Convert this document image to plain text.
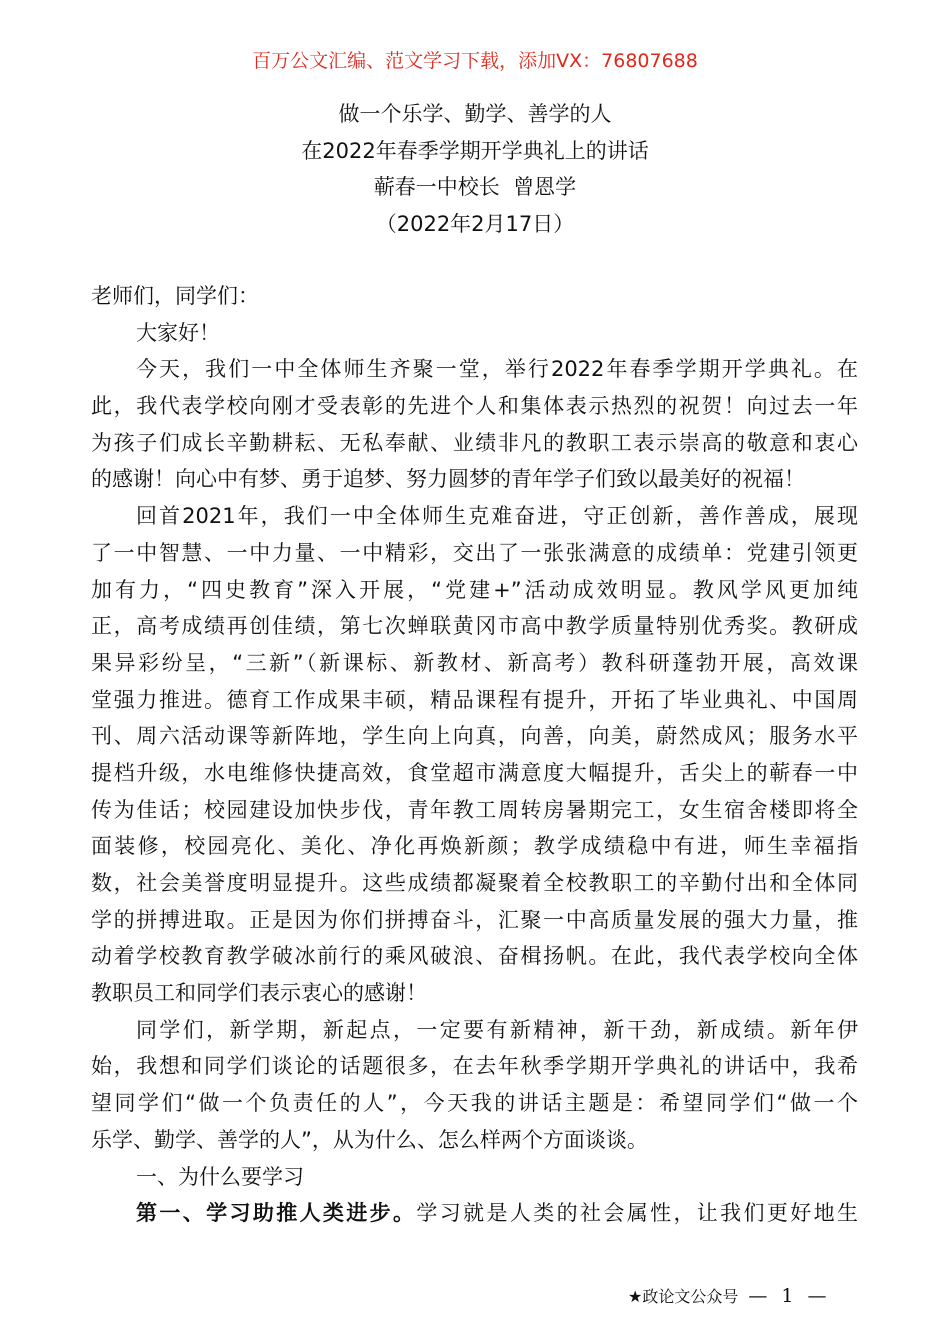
百万公文汇编、范文学习下载，添加VX：76807688
做一个乐学、勤学、善学的人
在2022年春季学期开学典礼上的讲话
蕲春一中校长  曾恩学
（2022年2月17日）
老师们，同学们：
大家好！
今天，我们一中全体师生齐聚一堂，举行2022年春季学期开学典礼。在
此，我代表学校向刚才受表彰的先进个人和集体表示热烈的祝贺！向过去一年
为孩子们成长辛勤耕耘、无私奉献、业绩非凡的教职工表示崇高的敬意和衷心
的感谢！向心中有梦、勇于追梦、努力圆梦的青年学子们致以最美好的祝福！
回首2021年，我们一中全体师生克难奋进，守正创新，善作善成，展现
了一中智慧、一中力量、一中精彩，交出了一张张满意的成绩单：党建引领更
加有力，“四史教育”深入开展，“党建+”活动成效明显。教风学风更加纯
正，高考成绩再创佳绩，第七次蝉联黄冈市高中教学质量特别优秀奖。教研成
果异彩纷呈，“三新”（新课标、新教材、新高考）教科研蓬勃开展，高效课
堂强力推进。德育工作成果丰硕，精品课程有提升，开拓了毕业典礼、中国周
刊、周六活动课等新阵地，学生向上向真，向善，向美，蔚然成风；服务水平
提档升级，水电维修快捷高效，食堂超市满意度大幅提升，舌尖上的蕲春一中
传为佳话；校园建设加快步伐，青年教工周转房暑期完工，女生宿舍楼即将全
面装修，校园亮化、美化、净化再焕新颜；教学成绩稳中有进，师生幸福指
数，社会美誉度明显提升。这些成绩都凝聚着全校教职工的辛勤付出和全体同
学的拼搏进取。正是因为你们拼搏奋斗，汇聚一中高质量发展的强大力量，推
动着学校教育教学破冰前行的乘风破浪、奋楫扬帆。在此，我代表学校向全体
教职员工和同学们表示衷心的感谢！
同学们，新学期，新起点，一定要有新精神，新干劲，新成绩。新年伊
始，我想和同学们谈论的话题很多，在去年秋季学期开学典礼的讲话中，我希
望同学们“做一个负责任的人”，今天我的讲话主题是：希望同学们“做一个
乐学、勤学、善学的人”，从为什么、怎么样两个方面谈谈。
一、为什么要学习
第一、学习助推人类进步。学习就是人类的社会属性，让我们更好地生
★政论文公众号 — 1 —
